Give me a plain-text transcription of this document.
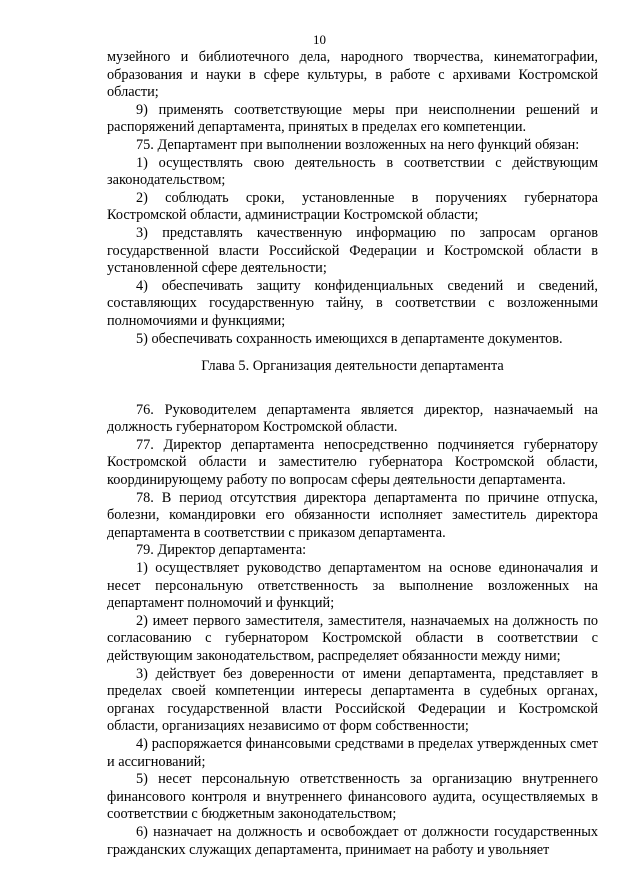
10

музейного и библиотечного дела, народного творчества, кинематографии, образования и науки в сфере культуры, в работе с архивами Костромской области;

9) применять соответствующие меры при неисполнении решений и распоряжений департамента, принятых в пределах его компетенции.

75. Департамент при выполнении возложенных на него функций обязан:

1) осуществлять свою деятельность в соответствии с действующим законодательством;

2) соблюдать сроки, установленные в поручениях губернатора Костромской области, администрации Костромской области;

3) представлять качественную информацию по запросам органов государственной власти Российской Федерации и Костромской области в установленной сфере деятельности;

4) обеспечивать защиту конфиденциальных сведений и сведений, составляющих государственную тайну, в соответствии с возложенными полномочиями и функциями;

5) обеспечивать сохранность имеющихся в департаменте документов.

Глава 5. Организация деятельности департамента

76. Руководителем департамента является директор, назначаемый на должность губернатором Костромской области.

77. Директор департамента непосредственно подчиняется губернатору Костромской области и заместителю губернатора Костромской области, координирующему работу по вопросам сферы деятельности департамента.

78. В период отсутствия директора департамента по причине отпуска, болезни, командировки его обязанности исполняет заместитель директора департамента в соответствии с приказом департамента.

79. Директор департамента:

1) осуществляет руководство департаментом на основе единоначалия и несет персональную ответственность за выполнение возложенных на департамент полномочий и функций;

2) имеет первого заместителя, заместителя, назначаемых на должность по согласованию с губернатором Костромской области в соответствии с действующим законодательством, распределяет обязанности между ними;

3) действует без доверенности от имени департамента, представляет в пределах своей компетенции интересы департамента в судебных органах, органах государственной власти Российской Федерации и Костромской области, организациях независимо от форм собственности;

4) распоряжается финансовыми средствами в пределах утвержденных смет и ассигнований;

5) несет персональную ответственность за организацию внутреннего финансового контроля и внутреннего финансового аудита, осуществляемых в соответствии с бюджетным законодательством;

6) назначает на должность и освобождает от должности государственных гражданских служащих департамента, принимает на работу и увольняет
